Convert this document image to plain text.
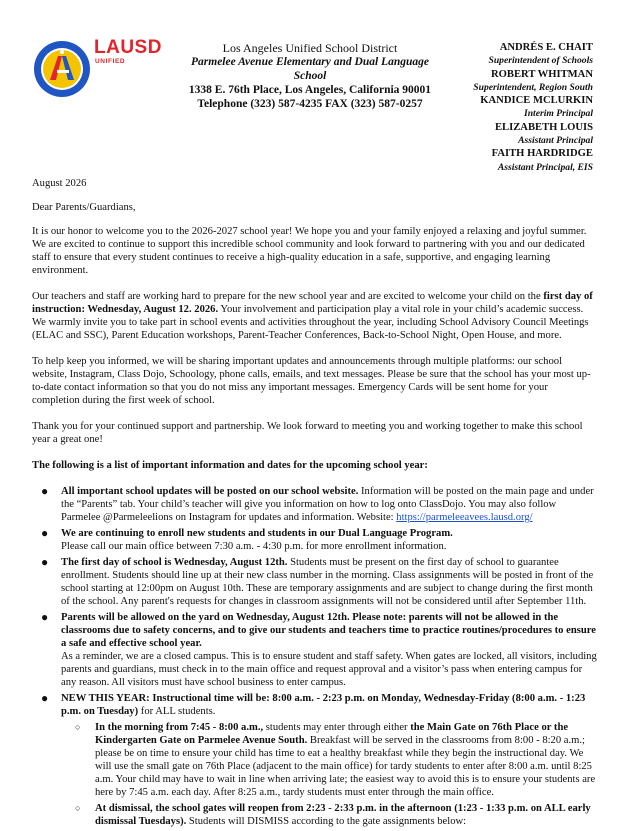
LAUSD
UNIFIED
Los Angeles Unified School District
Parmelee Avenue Elementary and Dual Language School
1338 E. 76th Place, Los Angeles, California 90001
Telephone (323) 587-4235 FAX (323) 587-0257
ANDRÉS E. CHAIT
Superintendent of Schools
ROBERT WHITMAN
Superintendent, Region South
KANDICE MCLURKIN
Interim Principal
ELIZABETH LOUIS
Assistant Principal
FAITH HARDRIDGE
Assistant Principal, EIS

August 2026

Dear Parents/Guardians,

It is our honor to welcome you to the 2026-2027 school year! We hope you and your family enjoyed a relaxing and joyful summer. We are excited to continue to support this incredible school community and look forward to partnering with you and our dedicated staff to ensure that every student continues to receive a high-quality education in a safe, supportive, and engaging learning environment.

Our teachers and staff are working hard to prepare for the new school year and are excited to welcome your child on the first day of instruction: Wednesday, August 12. 2026. Your involvement and participation play a vital role in your child’s academic success. We warmly invite you to take part in school events and activities throughout the year, including School Advisory Council Meetings (ELAC and SSC), Parent Education workshops, Parent-Teacher Conferences, Back-to-School Night, Open House, and more.

To help keep you informed, we will be sharing important updates and announcements through multiple platforms: our school website, Instagram, Class Dojo, Schoology, phone calls, emails, and text messages. Please be sure that the school has your most up-to-date contact information so that you do not miss any important messages. Emergency Cards will be sent home for your completion during the first week of school.

Thank you for your continued support and partnership. We look forward to meeting you and working together to make this school year a great one!

The following is a list of important information and dates for the upcoming school year:

● All important school updates will be posted on our school website. Information will be posted on the main page and under the “Parents” tab. Your child’s teacher will give you information on how to log onto ClassDojo. You may also follow Parmelee @Parmeleelions on Instagram for updates and information. Website: https://parmeleeavees.lausd.org/
● We are continuing to enroll new students and students in our Dual Language Program.
Please call our main office between 7:30 a.m. - 4:30 p.m. for more enrollment information.
● The first day of school is Wednesday, August 12th. Students must be present on the first day of school to guarantee enrollment. Students should line up at their new class number in the morning. Class assignments will be posted in front of the school starting at 12:00pm on August 10th. These are temporary assignments and are subject to change during the first month of the school. Any parent's requests for changes in classroom assignments will not be considered until after September 11th.
● Parents will be allowed on the yard on Wednesday, August 12th. Please note: parents will not be allowed in the classrooms due to safety concerns, and to give our students and teachers time to practice routines/procedures to ensure a safe and effective school year.
As a reminder, we are a closed campus. This is to ensure student and staff safety. When gates are locked, all visitors, including parents and guardians, must check in to the main office and request approval and a visitor’s pass when entering campus for any reason. All visitors must have school business to enter campus.
● NEW THIS YEAR: Instructional time will be: 8:00 a.m. - 2:23 p.m. on Monday, Wednesday-Friday (8:00 a.m. - 1:23 p.m. on Tuesday) for ALL students.
○ In the morning from 7:45 - 8:00 a.m., students may enter through either the Main Gate on 76th Place or the Kindergarten Gate on Parmelee Avenue South. Breakfast will be served in the classrooms from 8:00 - 8:20 a.m.; please be on time to ensure your child has time to eat a healthy breakfast while they begin the instructional day. We will use the small gate on 76th Place (adjacent to the main office) for tardy students to enter after 8:00 a.m. until 8:25 a.m. Your child may have to wait in line when arriving late; the easiest way to avoid this is to ensure your students are here by 7:45 a.m. each day. After 8:25 a.m., tardy students must enter through the main office.
○ At dismissal, the school gates will reopen from 2:23 - 2:33 p.m. in the afternoon (1:23 - 1:33 p.m. on ALL early dismissal Tuesdays). Students will DISMISS according to the gate assignments below:
